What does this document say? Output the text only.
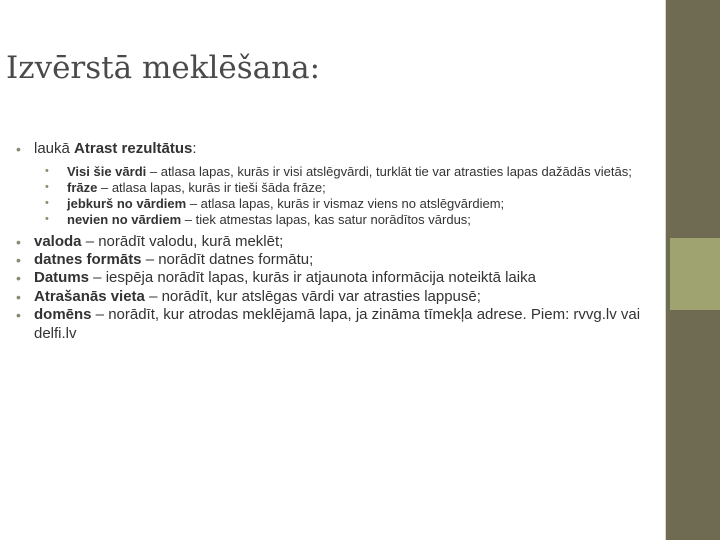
Izvērstā meklēšana:
• laukā Atrast rezultātus:
• Visi šie vārdi – atlasa lapas, kurās ir visi atslēgvārdi, turklāt tie var atrasties lapas dažādās vietās;
• frāze – atlasa lapas, kurās ir tieši šāda frāze;
• jebkurš no vārdiem – atlasa lapas, kurās ir vismaz viens no atslēgvārdiem;
• nevien no vārdiem – tiek atmestas lapas, kas satur norādītos vārdus;
• valoda – norādīt valodu, kurā meklēt;
• datnes formāts – norādīt datnes formātu;
• Datums – iespēja norādīt lapas, kurās ir atjaunota informācija noteiktā laika
• Atrašanās vieta – norādīt, kur atslēgas vārdi var atrasties lappusē;
• domēns – norādīt, kur atrodas meklējamā lapa, ja zināma tīmekļa adrese. Piem: rvvg.lv vai delfi.lv
